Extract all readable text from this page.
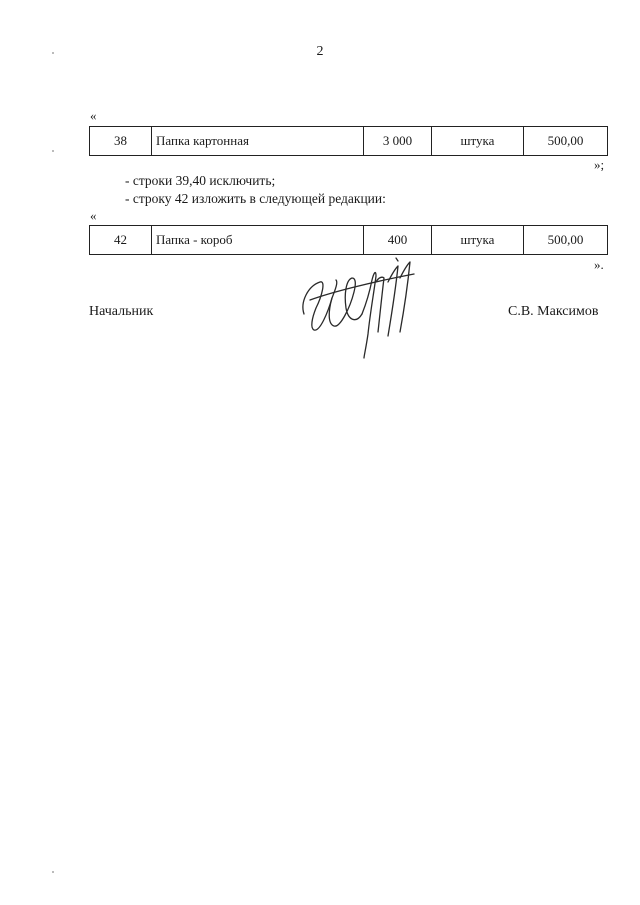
2
«
38	Папка картонная	3 000	штука	500,00
»;
- строки 39,40 исключить;
- строку 42 изложить в следующей редакции:
«
42	Папка - короб	400	штука	500,00
».
Начальник	С.В. Максимов
